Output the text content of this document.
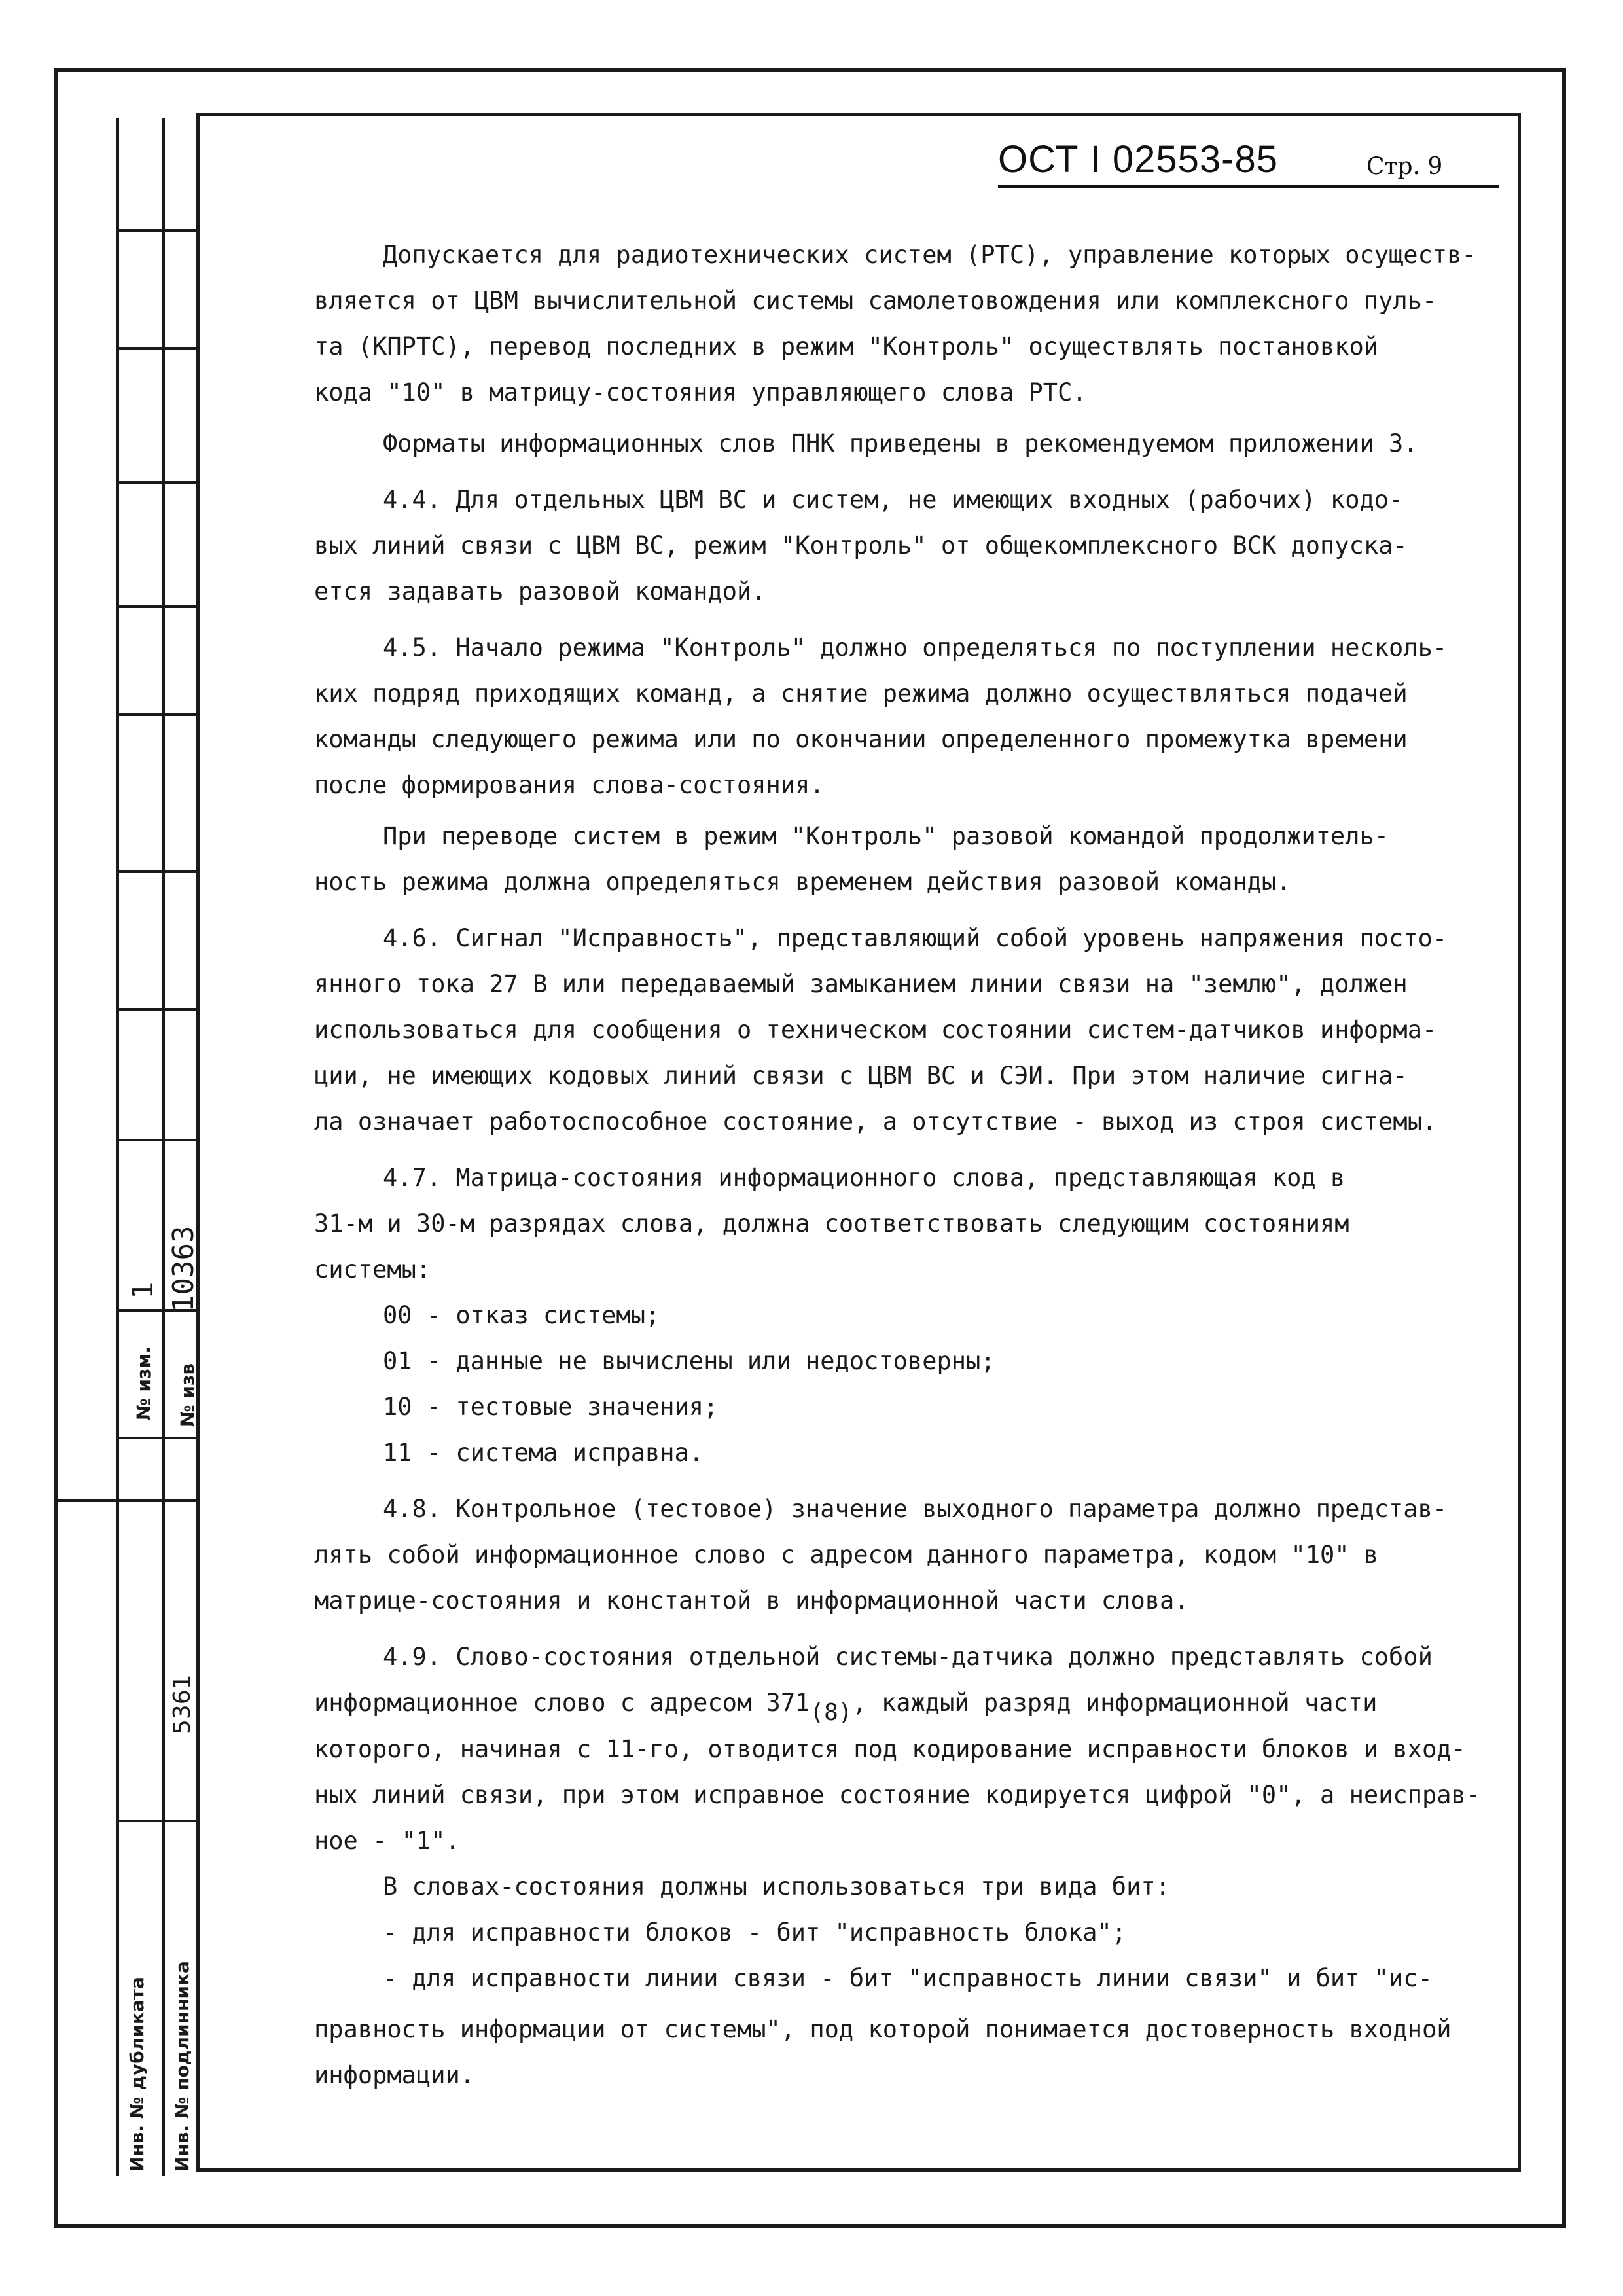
№ изм.
1
№ изв
10363
5361
Инв. № дубликата Инв. № подлинника
ОСТ I 02553-85	Стр. 9
Допускается для радиотехнических систем (РТС), управление которых осуществ-
вляется от ЦВМ вычислительной системы самолетовождения или комплексного пуль-
та (КПРТС), перевод последних в режим "Контроль" осуществлять постановкой
кода "10" в матрицу-состояния управляющего слова РТС.
Форматы информационных слов ПНК приведены в рекомендуемом приложении 3.
4.4. Для отдельных ЦВМ ВС и систем, не имеющих входных (рабочих) кодо-
вых линий связи с ЦВМ ВС, режим "Контроль" от общекомплексного ВСК допуска-
ется задавать разовой командой.
4.5. Начало режима "Контроль" должно определяться по поступлении несколь-
ких подряд приходящих команд, а снятие режима должно осуществляться подачей
команды следующего режима или по окончании определенного промежутка времени
после формирования слова-состояния.
При переводе систем в режим "Контроль" разовой командой продолжитель-
ность режима должна определяться временем действия разовой команды.
4.6. Сигнал "Исправность", представляющий собой уровень напряжения посто-
янного тока 27 В или передаваемый замыканием линии связи на "землю", должен
использоваться для сообщения о техническом состоянии систем-датчиков информа-
ции, не имеющих кодовых линий связи с ЦВМ ВС и СЭИ. При этом наличие сигна-
ла означает работоспособное состояние, а отсутствие - выход из строя системы.
4.7. Матрица-состояния информационного слова, представляющая код в
31-м и 30-м разрядах слова, должна соответствовать следующим состояниям
системы:
00 - отказ системы;
01 - данные не вычислены или недостоверны;
10 - тестовые значения;
11 - система исправна.
4.8. Контрольное (тестовое) значение выходного параметра должно представ-
лять собой информационное слово с адресом данного параметра, кодом "10" в
матрице-состояния и константой в информационной части слова.
4.9. Слово-состояния отдельной системы-датчика должно представлять собой
информационное слово с адресом 371(8), каждый разряд информационной части
которого, начиная с 11-го, отводится под кодирование исправности блоков и вход-
ных линий связи, при этом исправное состояние кодируется цифрой "0", а неисправ-
ное - "1".
В словах-состояния должны использоваться три вида бит:
- для исправности блоков - бит "исправность блока";
- для исправности линии связи - бит "исправность линии связи" и бит "ис-
правность информации от системы", под которой понимается достоверность входной
информации.
